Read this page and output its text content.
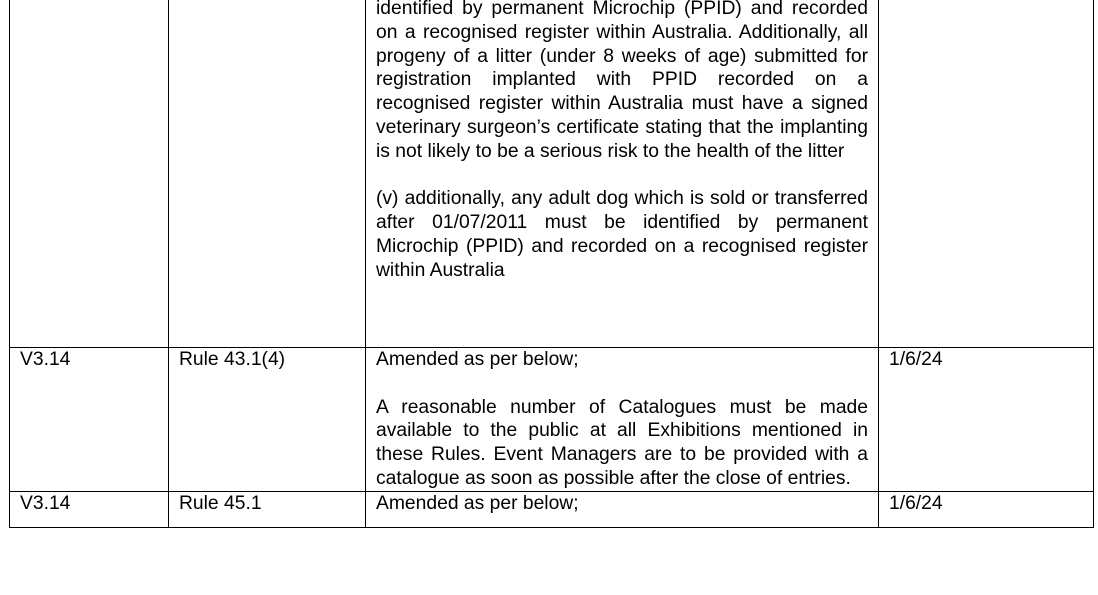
		identified by permanent Microchip (PPID) and recorded on a recognised register within Australia. Additionally, all progeny of a litter (under 8 weeks of age) submitted for registration implanted with PPID recorded on a recognised register within Australia must have a signed veterinary surgeon’s certificate stating that the implanting is not likely to be a serious risk to the health of the litter

(v) additionally, any adult dog which is sold or transferred after 01/07/2011 must be identified by permanent Microchip (PPID) and recorded on a recognised register within Australia	

V3.14	Rule 43.1(4)	Amended as per below;

A reasonable number of Catalogues must be made available to the public at all Exhibitions mentioned in these Rules. Event Managers are to be provided with a catalogue as soon as possible after the close of entries.	1/6/24

V3.14	Rule 45.1	Amended as per below;	1/6/24
